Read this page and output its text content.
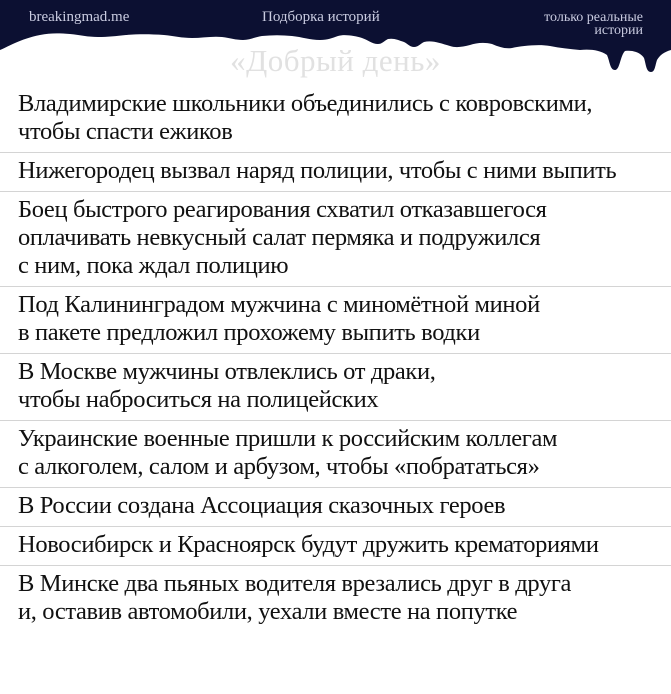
breakingmad.me	Подборка историй	только реальные
истории
«Добрый день»
Владимирские школьники объединились с ковровскими,
чтобы спасти ежиков
Нижегородец вызвал наряд полиции, чтобы с ними выпить
Боец быстрого реагирования схватил отказавшегося
оплачивать невкусный салат пермяка и подружился
с ним, пока ждал полицию
Под Калининградом мужчина с миномётной миной
в пакете предложил прохожему выпить водки
В Москве мужчины отвлеклись от драки,
чтобы наброситься на полицейских
Украинские военные пришли к российским коллегам
с алкоголем, салом и арбузом, чтобы «побрататься»
В России создана Ассоциация сказочных героев
Новосибирск и Красноярск будут дружить крематориями
В Минске два пьяных водителя врезались друг в друга
и, оставив автомобили, уехали вместе на попутке
